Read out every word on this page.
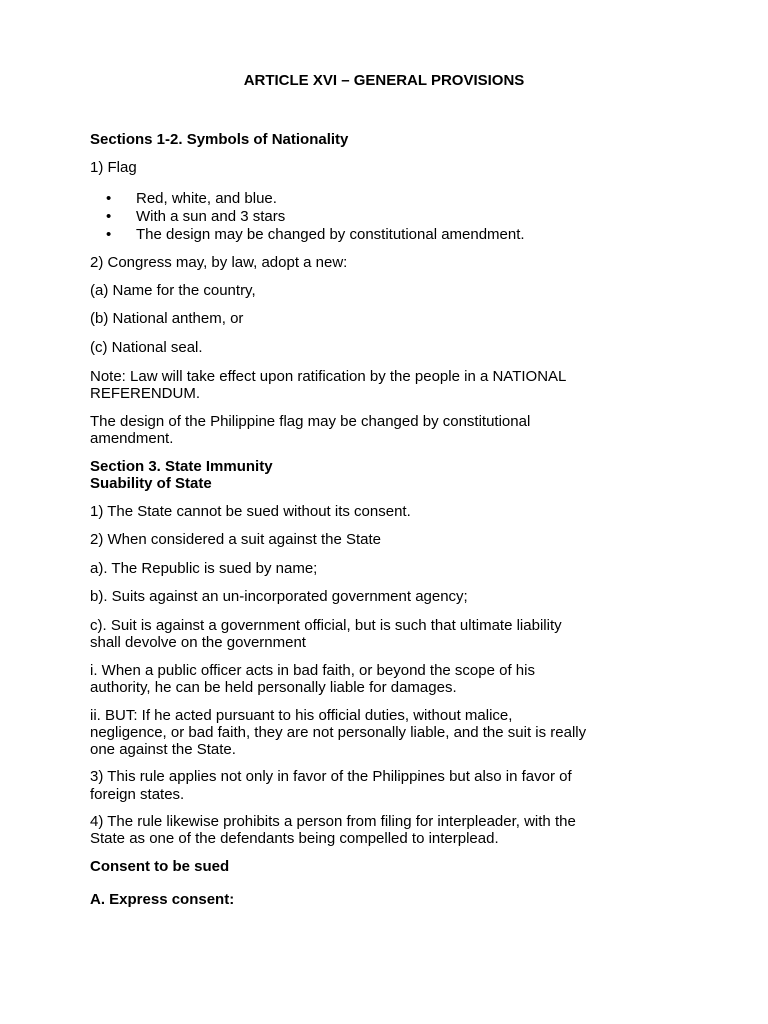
ARTICLE XVI – GENERAL PROVISIONS
Sections 1-2. Symbols of Nationality
1) Flag
• Red, white, and blue.
• With a sun and 3 stars
• The design may be changed by constitutional amendment.
2) Congress may, by law, adopt a new:
(a) Name for the country,
(b) National anthem, or
(c) National seal.
Note: Law will take effect upon ratification by the people in a NATIONAL
REFERENDUM.
The design of the Philippine flag may be changed by constitutional
amendment.
Section 3. State Immunity
Suability of State
1) The State cannot be sued without its consent.
2) When considered a suit against the State
a). The Republic is sued by name;
b). Suits against an un-incorporated government agency;
c). Suit is against a government official, but is such that ultimate liability
shall devolve on the government
i. When a public officer acts in bad faith, or beyond the scope of his
authority, he can be held personally liable for damages.
ii. BUT: If he acted pursuant to his official duties, without malice,
negligence, or bad faith, they are not personally liable, and the suit is really
one against the State.
3) This rule applies not only in favor of the Philippines but also in favor of
foreign states.
4) The rule likewise prohibits a person from filing for interpleader, with the
State as one of the defendants being compelled to interplead.
Consent to be sued
A. Express consent:
